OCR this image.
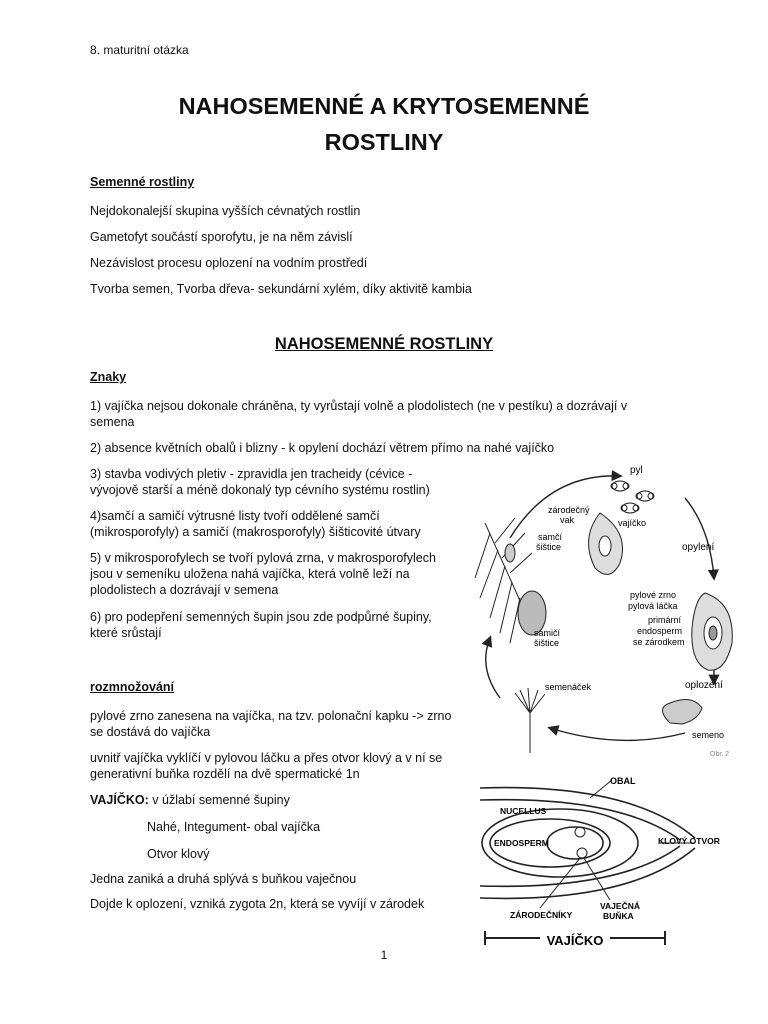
8. maturitní otázka
NAHOSEMENNÉ A KRYTOSEMENNÉ
ROSTLINY
Semenné rostliny
Nejdokonalejší skupina vyšších cévnatých rostlin
Gametofyt součástí sporofytu, je na něm závislí
Nezávislost procesu oplození na vodním prostředí
Tvorba semen, Tvorba dřeva- sekundární xylém, díky aktivitě kambia
NAHOSEMENNÉ ROSTLINY
Znaky
1) vajíčka nejsou dokonale chráněna, ty vyrůstají volně a plodolistech (ne v pestíku) a dozrávají v
semena
2) absence květních obalů i blizny - k opylení dochází větrem přímo na nahé vajíčko
3) stavba vodivých pletiv - zpravidla jen tracheidy (cévice -
vývojově starší a méně dokonalý typ cévního systému rostlin)
4)samčí a samičí výtrusné listy tvoří oddělené samčí
(mikrosporofyly) a samičí (makrosporofyly) šišticovité útvary
5) v mikrosporofylech se tvoří pylová zrna, v makrosporofylech
jsou v semeníku uložena nahá vajíčka, která volně leží na
plodolistech a dozrávají v semena
6) pro podepření semenných šupin jsou zde podpůrné šupiny,
které srůstají
rozmnožování
pylové zrno zanesena na vajíčka, na tzv. polonační kapku -> zrno
se dostává do vajíčka
uvnitř vajíčka vyklíčí v pylovou láčku a přes otvor klový a v ní se
generativní buňka rozdělí na dvě spermatické 1n
VAJÍČKO: v úžlabí semenné šupiny
Nahé, Integument- obal vajíčka
Otvor klový
Jedna zaniká a druhá splývá s buňkou vaječnou
Dojde k oplození, vzniká zygota 2n, která se vyvíjí v zárodek
pyl
zárodečný
vak	vajíčko
opylení
samčí
šištice
pylové zrno
pylová láčka
primární
endosperm
se zárodkem
samičí
šištice
oplození
semenáček
semeno
Obr. 2
OBAL
NUCELLUS
ENDOSPERM	KLOVÝ OTVOR
ZÁRODEČNÍKY
VAJEČNÁ
BUŇKA
VAJÍČKO
1
